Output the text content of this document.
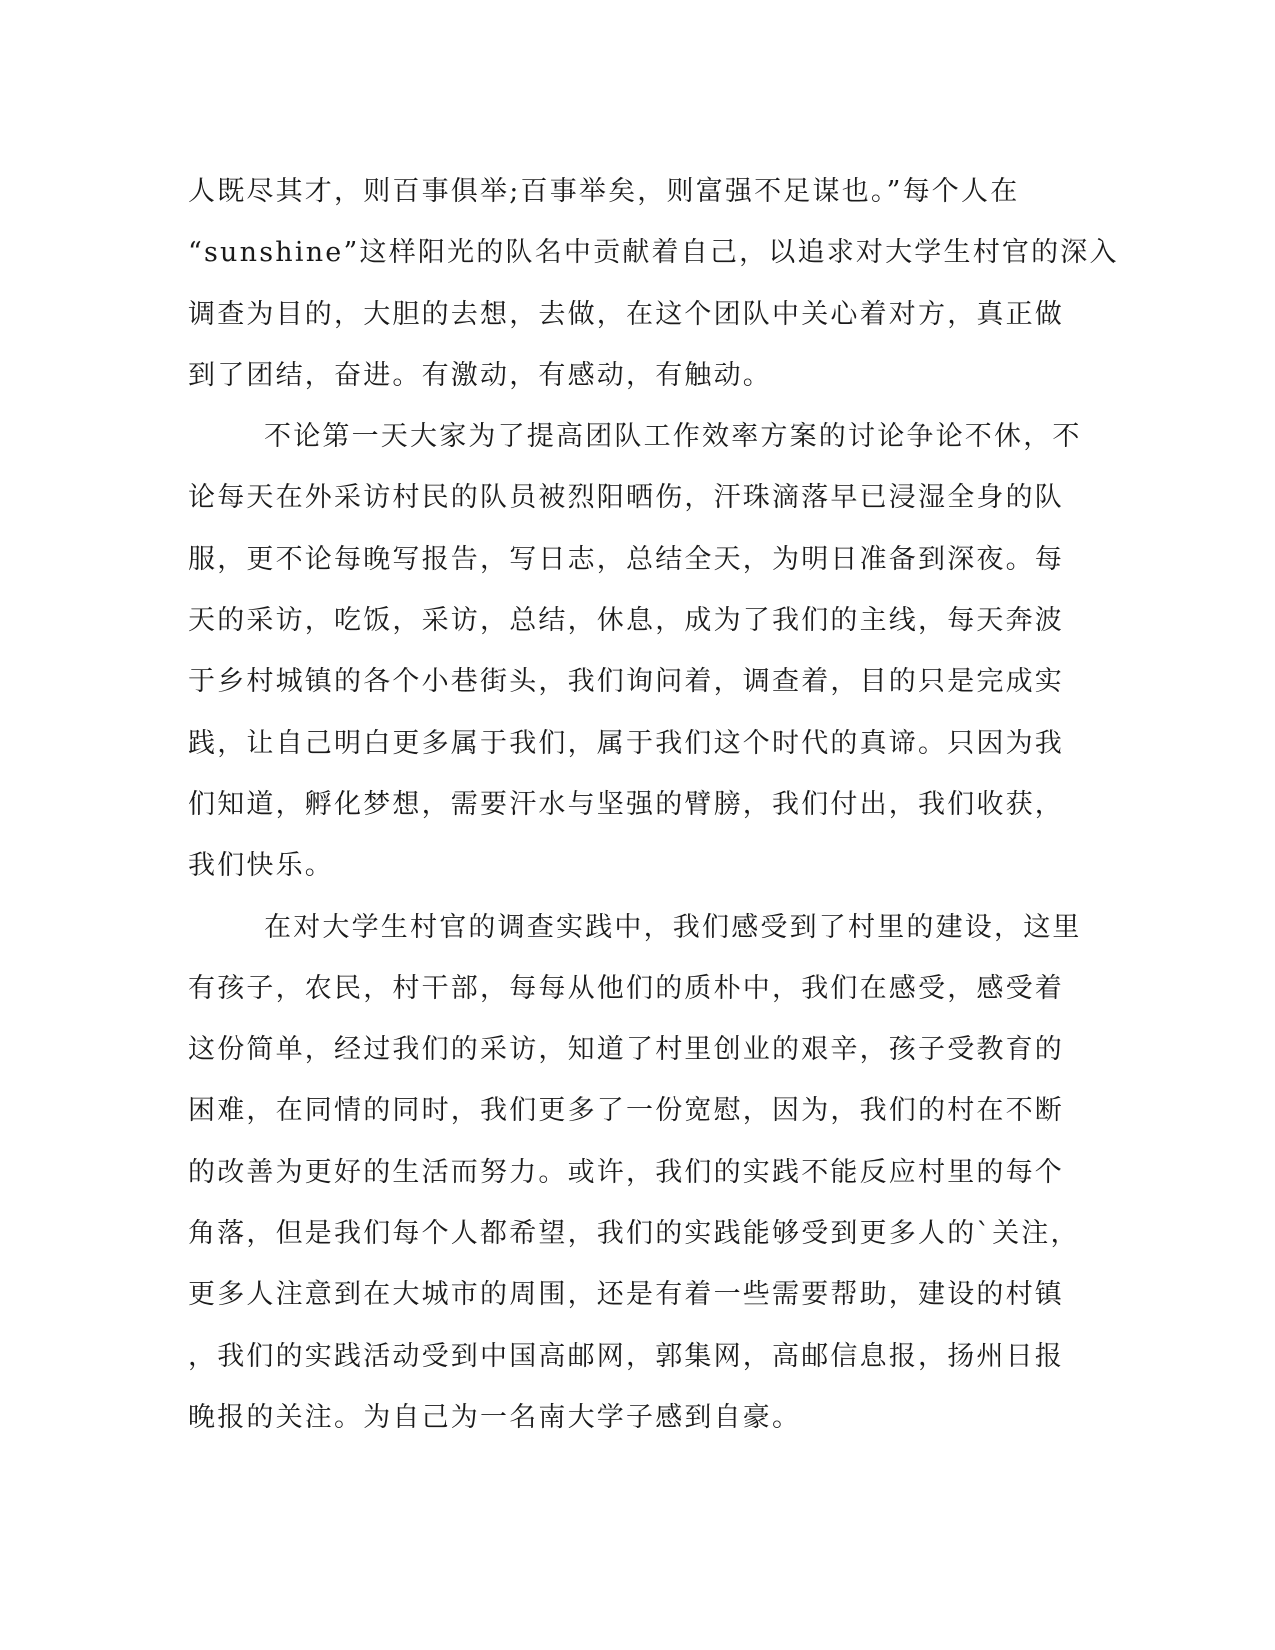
人既尽其才，则百事俱举;百事举矣，则富强不足谋也。”每个人在
“sunshine”这样阳光的队名中贡献着自己，以追求对大学生村官的深入
调查为目的，大胆的去想，去做，在这个团队中关心着对方，真正做
到了团结，奋进。有激动，有感动，有触动。
不论第一天大家为了提高团队工作效率方案的讨论争论不休，不
论每天在外采访村民的队员被烈阳晒伤，汗珠滴落早已浸湿全身的队
服，更不论每晚写报告，写日志，总结全天，为明日准备到深夜。每
天的采访，吃饭，采访，总结，休息，成为了我们的主线，每天奔波
于乡村城镇的各个小巷街头，我们询问着，调查着，目的只是完成实
践，让自己明白更多属于我们，属于我们这个时代的真谛。只因为我
们知道，孵化梦想，需要汗水与坚强的臂膀，我们付出，我们收获，
我们快乐。
在对大学生村官的调查实践中，我们感受到了村里的建设，这里
有孩子，农民，村干部，每每从他们的质朴中，我们在感受，感受着
这份简单，经过我们的采访，知道了村里创业的艰辛，孩子受教育的
困难，在同情的同时，我们更多了一份宽慰，因为，我们的村在不断
的改善为更好的生活而努力。或许，我们的实践不能反应村里的每个
角落，但是我们每个人都希望，我们的实践能够受到更多人的`关注，
更多人注意到在大城市的周围，还是有着一些需要帮助，建设的村镇
，我们的实践活动受到中国高邮网，郭集网，高邮信息报，扬州日报
晚报的关注。为自己为一名南大学子感到自豪。
